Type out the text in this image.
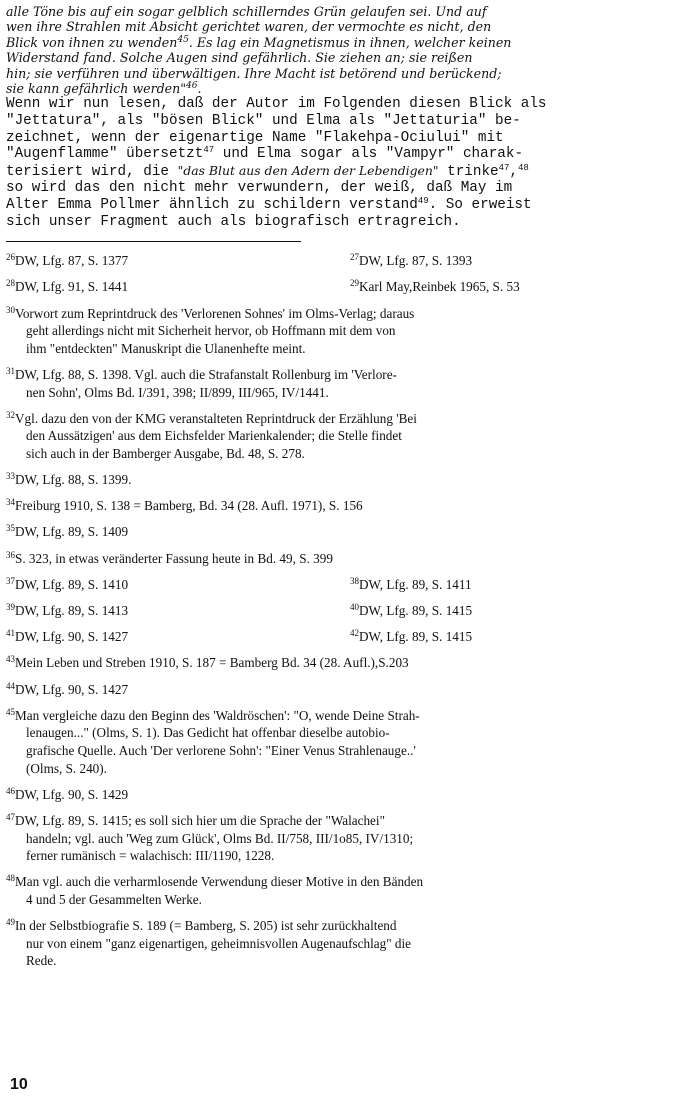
alle Töne bis auf ein sogar gelblich schillerndes Grün gelaufen sei. Und auf

wen ihre Strahlen mit Absicht gerichtet waren, der vermochte es nicht, den

Blick von ihnen zu wenden$^{45}$. Es lag ein Magnetismus in ihnen, welcher keinen

Widerstand fand. Solche Augen sind gefährlich. Sie ziehen an; sie reißen

hin; sie verführen und überwältigen. Ihre Macht ist betörend und berückend;

sie kann gefährlich werden"$^{46}$.

Wenn wir nun lesen, daß der Autor im Folgenden diesen Blick als

"Jettatura", als "bösen Blick" und Elma als "Jettaturia" be-

zeichnet, wenn der eigenartige Name "Flakehpa-Ociului" mit

"Augenflamme" übersetzt$^{47}$ und Elma sogar als "Vampyr" charak-

terisiert wird, die "das Blut aus den Adern der Lebendigen" trinke$^{47}$,$^{48}$

so wird das den nicht mehr verwundern, der weiß, daß May im

Alter Emma Pollmer ähnlich zu schildern verstand$^{49}$. So erweist

sich unser Fragment auch als biografisch ertragreich.

$^{26}$DW, Lfg. 87, S. 1377	$^{27}$DW, Lfg. 87, S. 1393
$^{28}$DW, Lfg. 91, S. 1441	$^{29}$Karl May,Reinbek 1965, S. 53
$^{30}$Vorwort zum Reprintdruck des 'Verlorenen Sohnes' im Olms-Verlag; daraus
geht allerdings nicht mit Sicherheit hervor, ob Hoffmann mit dem von
ihm "entdeckten" Manuskript die Ulanenhefte meint.
$^{31}$DW, Lfg. 88, S. 1398. Vgl. auch die Strafanstalt Rollenburg im 'Verlore-
nen Sohn', Olms Bd. I/391, 398; II/899, III/965, IV/1441.
$^{32}$Vgl. dazu den von der KMG veranstalteten Reprintdruck der Erzählung 'Bei
den Aussätzigen' aus dem Eichsfelder Marienkalender; die Stelle findet
sich auch in der Bamberger Ausgabe, Bd. 48, S. 278.
$^{33}$DW, Lfg. 88, S. 1399.
$^{34}$Freiburg 1910, S. 138 = Bamberg, Bd. 34 (28. Aufl. 1971), S. 156
$^{35}$DW, Lfg. 89, S. 1409
$^{36}$S. 323, in etwas veränderter Fassung heute in Bd. 49, S. 399
$^{37}$DW, Lfg. 89, S. 1410	$^{38}$DW, Lfg. 89, S. 1411
$^{39}$DW, Lfg. 89, S. 1413	$^{40}$DW, Lfg. 89, S. 1415
$^{41}$DW, Lfg. 90, S. 1427	$^{42}$DW, Lfg. 89, S. 1415
$^{43}$Mein Leben und Streben 1910, S. 187 = Bamberg Bd. 34 (28. Aufl.),S.203
$^{44}$DW, Lfg. 90, S. 1427
$^{45}$Man vergleiche dazu den Beginn des 'Waldröschen': "O, wende Deine Strah-
lenaugen..." (Olms, S. 1). Das Gedicht hat offenbar dieselbe autobio-
grafische Quelle. Auch 'Der verlorene Sohn': "Einer Venus Strahlenauge..'
(Olms, S. 240).
$^{46}$DW, Lfg. 90, S. 1429
$^{47}$DW, Lfg. 89, S. 1415; es soll sich hier um die Sprache der "Walachei"
handeln; vgl. auch 'Weg zum Glück', Olms Bd. II/758, III/1o85, IV/1310;
ferner rumänisch = walachisch: III/1190, 1228.
$^{48}$Man vgl. auch die verharmlosende Verwendung dieser Motive in den Bänden
4 und 5 der Gesammelten Werke.
$^{49}$In der Selbstbiografie S. 189 (= Bamberg, S. 205) ist sehr zurückhaltend
nur von einem "ganz eigenartigen, geheimnisvollen Augenaufschlag" die
Rede.
10
